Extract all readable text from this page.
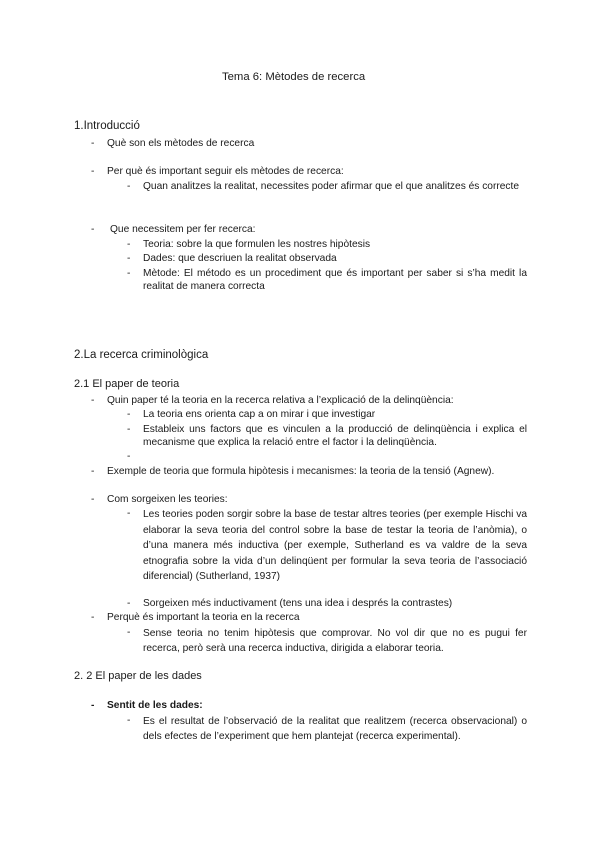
Tema 6: Mètodes de recerca
1.Introducció
- Què son els mètodes de recerca
- Per què és important seguir els mètodes de recerca:
- Quan analitzes la realitat, necessites poder afirmar que el que analitzes és correcte
- Que necessitem per fer recerca:
- Teoria: sobre la que formulen les nostres hipòtesis
- Dades: que descriuen la realitat observada
- Mètode: El método es un procediment que és important per saber si s’ha medit la realitat de manera correcta
2.La recerca criminològica
2.1 El paper de teoria
- Quin paper té la teoria en la recerca relativa a l’explicació de la delinqüència:
- La teoria ens orienta cap a on mirar i que investigar
- Estableix uns factors que es vinculen a la producció de delinqüència i explica el mecanisme que explica la relació entre el factor i la delinqüència.
-
- Exemple de teoria que formula hipòtesis i mecanismes: la teoria de la tensió (Agnew).
- Com sorgeixen les teories:
- Les teories poden sorgir sobre la base de testar altres teories (per exemple Hischi va elaborar la seva teoria del control sobre la base de testar la teoria de l’anòmia), o d’una manera més inductiva (per exemple, Sutherland es va valdre de la seva etnografia sobre la vida d’un delinqüent per formular la seva teoria de l’associació diferencial) (Sutherland, 1937)
- Sorgeixen més inductivament (tens una idea i després la contrastes)
- Perquè és important la teoria en la recerca
- Sense teoria no tenim hipòtesis que comprovar. No vol dir que no es pugui fer recerca, però serà una recerca inductiva, dirigida a elaborar teoria.
2. 2 El paper de les dades
- Sentit de les dades:
- Es el resultat de l’observació de la realitat que realitzem (recerca observacional) o dels efectes de l’experiment que hem plantejat (recerca experimental).
